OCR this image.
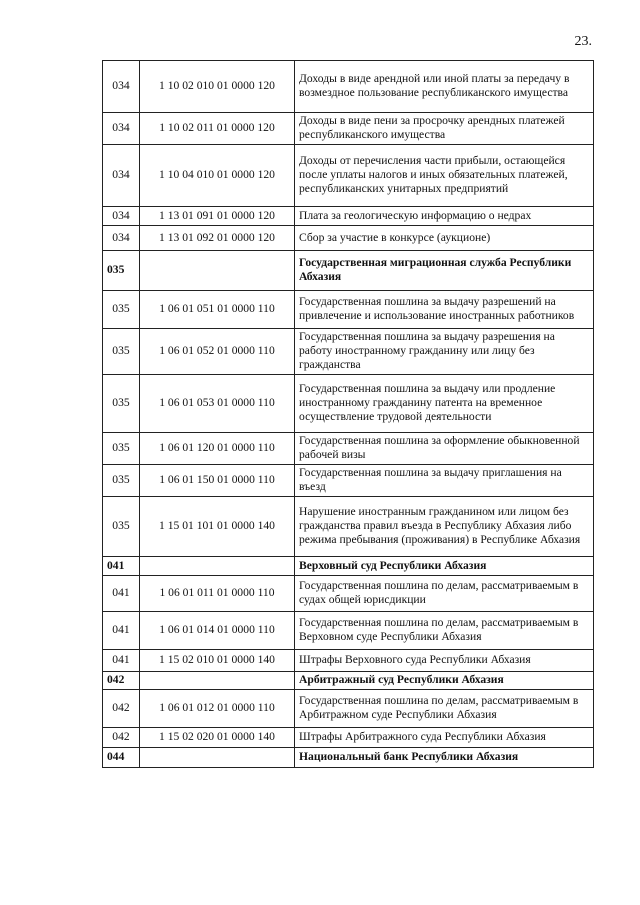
23.
034	1 10 02 010 01 0000 120	Доходы в виде арендной или иной платы за передачу в возмездное пользование республиканского имущества
034	1 10 02 011 01 0000 120	Доходы в виде пени за просрочку арендных платежей республиканского имущества
034	1 10 04 010 01 0000 120	Доходы от перечисления части прибыли, остающейся после уплаты налогов и иных обязательных платежей, республиканских унитарных предприятий
034	1 13 01 091 01 0000 120	Плата за геологическую информацию о недрах
034	1 13 01 092 01 0000 120	Сбор за участие в конкурсе (аукционе)
035		Государственная миграционная служба Республики Абхазия
035	1 06 01 051 01 0000 110	Государственная пошлина за выдачу разрешений на привлечение и использование иностранных работников
035	1 06 01 052 01 0000 110	Государственная пошлина за выдачу разрешения на работу иностранному гражданину или лицу без гражданства
035	1 06 01 053 01 0000 110	Государственная пошлина за выдачу или продление иностранному гражданину патента на временное осуществление трудовой деятельности
035	1 06 01 120 01 0000 110	Государственная пошлина за оформление обыкновенной рабочей визы
035	1 06 01 150 01 0000 110	Государственная пошлина за выдачу приглашения на въезд
035	1 15 01 101 01 0000 140	Нарушение иностранным гражданином или лицом без гражданства правил въезда в Республику Абхазия либо режима пребывания (проживания) в Республике Абхазия
041		Верховный суд Республики Абхазия
041	1 06 01 011 01 0000 110	Государственная пошлина по делам, рассматриваемым в судах общей юрисдикции
041	1 06 01 014 01 0000 110	Государственная пошлина по делам, рассматриваемым в Верховном суде Республики Абхазия
041	1 15 02 010 01 0000 140	Штрафы Верховного суда Республики Абхазия
042		Арбитражный суд Республики Абхазия
042	1 06 01 012 01 0000 110	Государственная пошлина по делам, рассматриваемым в Арбитражном суде Республики Абхазия
042	1 15 02 020 01 0000 140	Штрафы Арбитражного суда Республики Абхазия
044		Национальный банк Республики Абхазия
